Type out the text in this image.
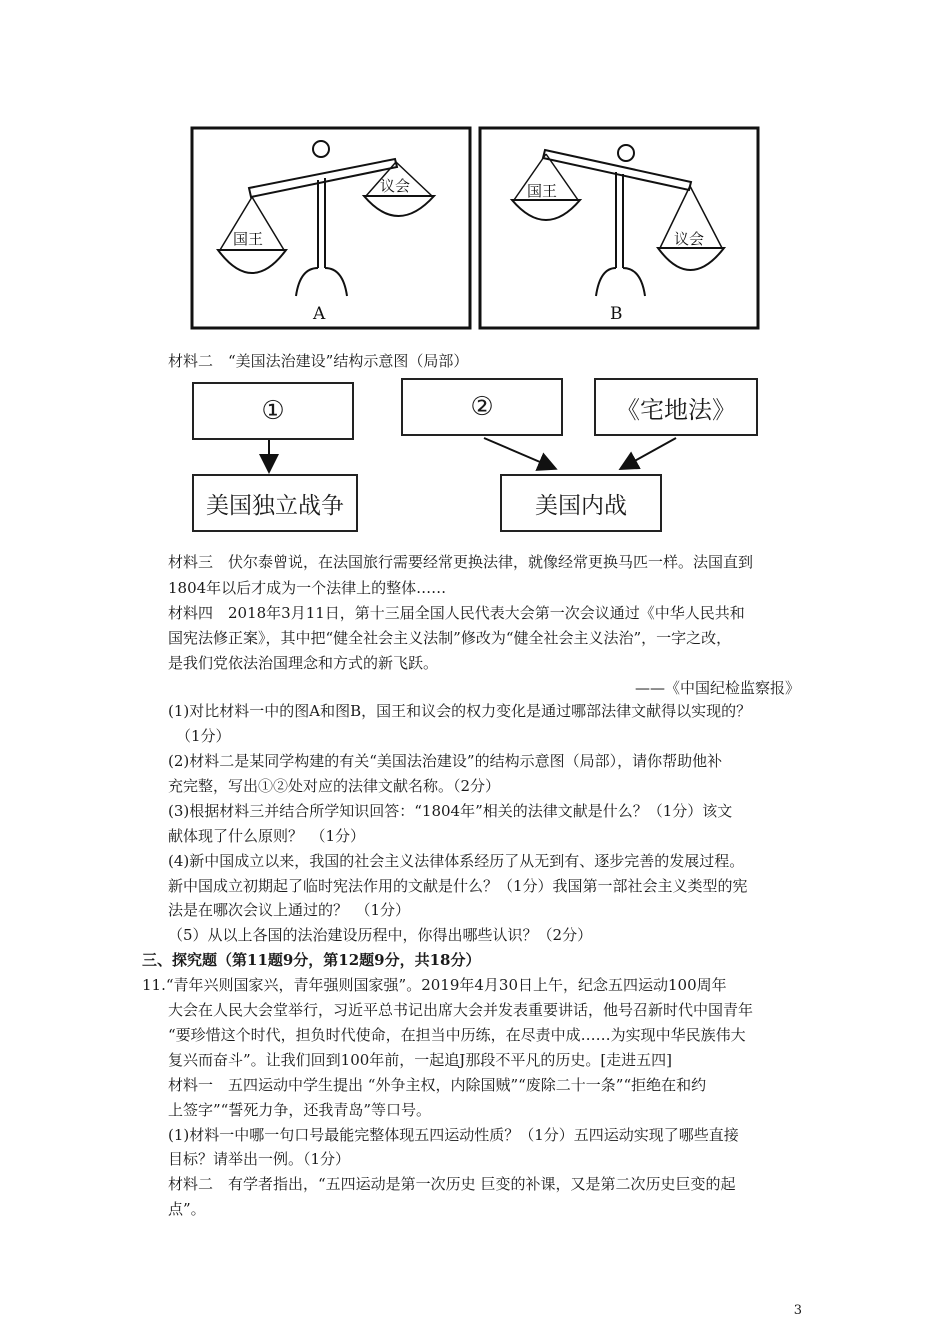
国王
议会
A
国王
议会
B
材料二　“美国法治建设”结构示意图（局部）
①	②	《宅地法》
美国独立战争	美国内战
材料三　伏尔泰曾说，在法国旅行需要经常更换法律，就像经常更换马匹一样。法国直到
1804年以后才成为一个法律上的整体……
材料四　2018年3月11日，第十三届全国人民代表大会第一次会议通过《中华人民共和
国宪法修正案》，其中把“健全社会主义法制”修改为“健全社会主义法治”，一字之改，
是我们党依法治国理念和方式的新飞跃。
——《中国纪检监察报》
(1)对比材料一中的图A和图B，国王和议会的权力变化是通过哪部法律文献得以实现的？
（1分）
(2)材料二是某同学构建的有关“美国法治建设”的结构示意图（局部），请你帮助他补
充完整，写出①②处对应的法律文献名称。（2分）
(3)根据材料三并结合所学知识回答：“1804年”相关的法律文献是什么？（1分）该文
献体现了什么原则？　（1分）
(4)新中国成立以来，我国的社会主义法律体系经历了从无到有、逐步完善的发展过程。
新中国成立初期起了临时宪法作用的文献是什么？（1分）我国第一部社会主义类型的宪
法是在哪次会议上通过的？　（1分）
（5）从以上各国的法治建设历程中，你得出哪些认识？（2分）
三、探究题（第11题9分，第12题9分，共18分）
11.“青年兴则国家兴，青年强则国家强”。2019年4月30日上午，纪念五四运动100周年
大会在人民大会堂举行，习近平总书记出席大会并发表重要讲话，他号召新时代中国青年
“要珍惜这个时代，担负时代使命，在担当中历练，在尽责中成……为实现中华民族伟大
复兴而奋斗”。让我们回到100年前，一起追J那段不平凡的历史。[走进五四]
材料一　五四运动中学生提出 “外争主权，内除国贼”“废除二十一条”“拒绝在和约
上签字”“誓死力争，还我青岛”等口号。
(1)材料一中哪一句口号最能完整体现五四运动性质？（1分）五四运动实现了哪些直接
目标？请举出一例。（1分）
材料二　有学者指出，“五四运动是第一次历史 巨变的补课，又是第二次历史巨变的起
点”。
3
